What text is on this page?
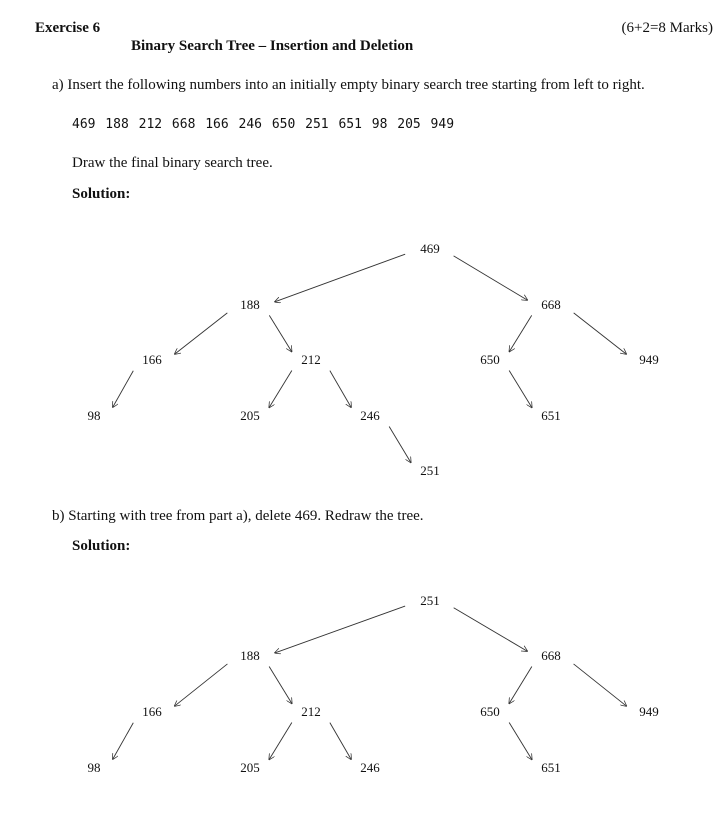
Exercise 6	(6+2=8 Marks)
Binary Search Tree – Insertion and Deletion
a) Insert the following numbers into an initially empty binary search tree starting from left to right.
469 188 212 668 166 246 650 251 651 98 205 949
Draw the final binary search tree.
Solution:
469
188	668
166	212	650	949
98	205	246	651
251
b) Starting with tree from part a), delete 469. Redraw the tree.
Solution:
251
188	668
166	212	650	949
98	205	246	651
